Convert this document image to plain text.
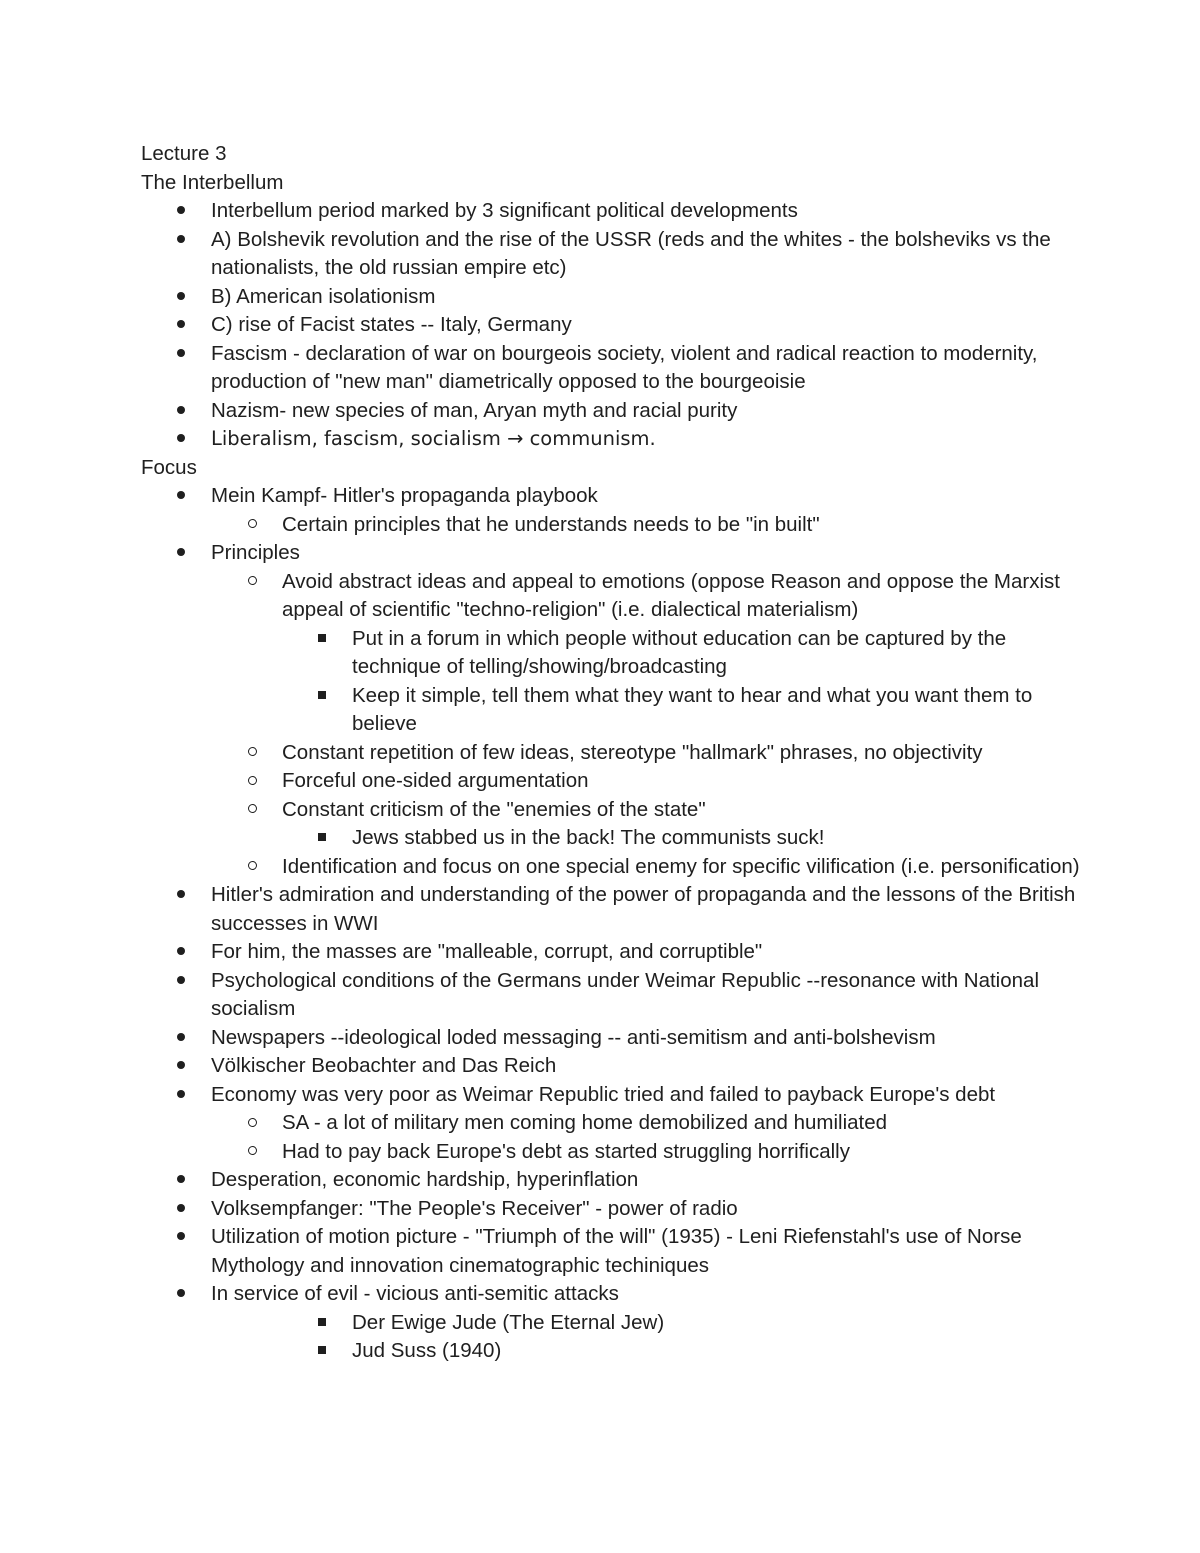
Lecture 3

The Interbellum

Interbellum period marked by 3 significant political developments

A) Bolshevik revolution and the rise of the USSR (reds and the whites - the bolsheviks vs the nationalists, the old russian empire etc)

B) American isolationism

C) rise of Facist states -- Italy, Germany

Fascism - declaration of war on bourgeois society, violent and radical reaction to modernity, production of "new man" diametrically opposed to the bourgeoisie

Nazism- new species of man, Aryan myth and racial purity

Liberalism, fascism, socialism → communism.

Focus

Mein Kampf- Hitler's propaganda playbook

Certain principles that he understands needs to be "in built"

Principles

Avoid abstract ideas and appeal to emotions (oppose Reason and oppose the Marxist appeal of scientific "techno-religion" (i.e. dialectical materialism)

Put in a forum in which people without education can be captured by the technique of telling/showing/broadcasting

Keep it simple, tell them what they want to hear and what you want them to believe

Constant repetition of few ideas, stereotype "hallmark" phrases, no objectivity

Forceful one-sided argumentation

Constant criticism of the "enemies of the state"

Jews stabbed us in the back! The communists suck!

Identification and focus on one special enemy for specific vilification (i.e. personification)

Hitler's admiration and understanding of the power of propaganda and the lessons of the British successes in WWI

For him, the masses are "malleable, corrupt, and corruptible"

Psychological conditions of the Germans under Weimar Republic --resonance with National socialism

Newspapers --ideological loded messaging -- anti-semitism and anti-bolshevism

Völkischer Beobachter and Das Reich

Economy was very poor as Weimar Republic tried and failed to payback Europe's debt

SA - a lot of military men coming home demobilized and humiliated

Had to pay back Europe's debt as started struggling horrifically

Desperation, economic hardship, hyperinflation

Volksempfanger: "The People's Receiver" - power of radio

Utilization of motion picture - "Triumph of the will" (1935) - Leni Riefenstahl's use of Norse Mythology and innovation cinematographic techiniques

In service of evil - vicious anti-semitic attacks

Der Ewige Jude (The Eternal Jew)

Jud Suss (1940)
